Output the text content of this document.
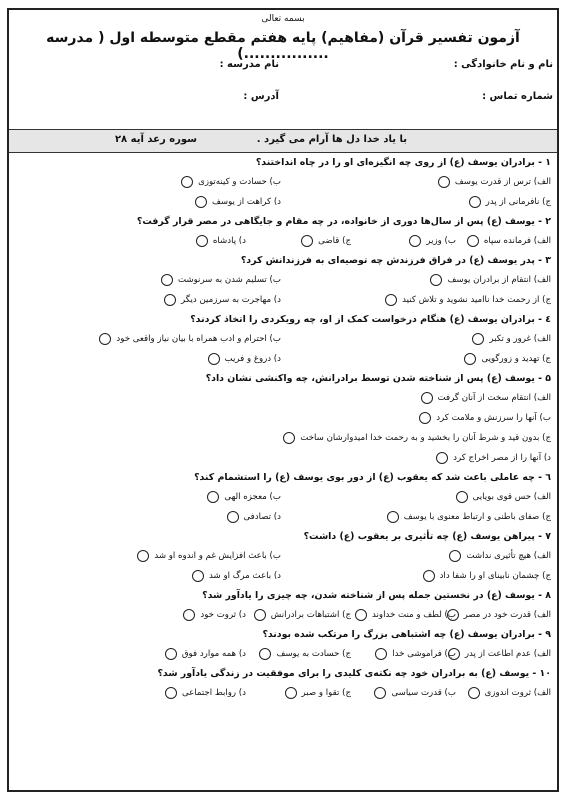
بسمه تعالی
آزمون تفسیر قرآن (مفاهیم) پایه هفتم مقطع متوسطه اول ( مدرسه ................)
نام و نام خانوادگی :
نام مدرسه :
شماره تماس :
آدرس :
با یاد خدا دل ها آرام می گیرد .
سوره رعد آیه ۲۸
۱ - برادران یوسف (ع) از روی چه انگیزه‌ای او را در چاه انداختند؟
الف) ترس از قدرت یوسف
ب) حسادت و کینه‌توزی
ج) نافرمانی از پدر
د) کراهت از یوسف
۲ - یوسف (ع) پس از سال‌ها دوری از خانواده، در چه مقام و جایگاهی در مصر قرار گرفت؟
الف) فرمانده سپاه
ب) وزیر
ج) قاضی
د) پادشاه
۳ - پدر یوسف (ع) در فراق فرزندش چه توصیه‌ای به فرزندانش کرد؟
الف) انتقام از برادران یوسف
ب) تسلیم شدن به سرنوشت
ج) از رحمت خدا ناامید نشوید و تلاش کنید
د) مهاجرت به سرزمین دیگر
٤ - برادران یوسف (ع) هنگام درخواست کمک از او، چه رویکردی را اتخاذ کردند؟
الف) غرور و تکبر
ب) احترام و ادب همراه با بیان نیاز واقعی خود
ج) تهدید و زورگویی
د) دروغ و فریب
۵ - یوسف (ع) پس از شناخته شدن توسط برادرانش، چه واکنشی نشان داد؟
الف) انتقام سخت از آنان گرفت
ب) آنها را سرزنش و ملامت کرد
ج) بدون قید و شرط آنان را بخشید و به رحمت خدا امیدوارشان ساخت
د) آنها را از مصر اخراج کرد
٦ - چه عاملی باعث شد که یعقوب (ع) از دور بوی یوسف (ع) را استشمام کند؟
الف) حس قوی بویایی
ب) معجزه الهی
ج) صفای باطنی و ارتباط معنوی با یوسف
د) تصادفی
۷ - پیراهن یوسف (ع) چه تأثیری بر یعقوب (ع) داشت؟
الف) هیچ تأثیری نداشت
ب) باعث افزایش غم و اندوه او شد
ج) چشمان نابینای او را شفا داد
د) باعث مرگ او شد
۸ - یوسف (ع) در نخستین جمله پس از شناخته شدن، چه چیزی را یادآور شد؟
الف) قدرت خود در مصر
ب) لطف و منت خداوند
ج) اشتباهات برادرانش
د) ثروت خود
۹ - برادران یوسف (ع) چه اشتباهی بزرگ را مرتکب شده بودند؟
الف) عدم اطاعت از پدر
ب) فراموشی خدا
ج) حسادت به یوسف
د) همه موارد فوق
۱۰ - یوسف (ع) به برادران خود چه نکته‌ی کلیدی را برای موفقیت در زندگی یادآور شد؟
الف) ثروت اندوزی
ب) قدرت سیاسی
ج) تقوا و صبر
د) روابط اجتماعی
